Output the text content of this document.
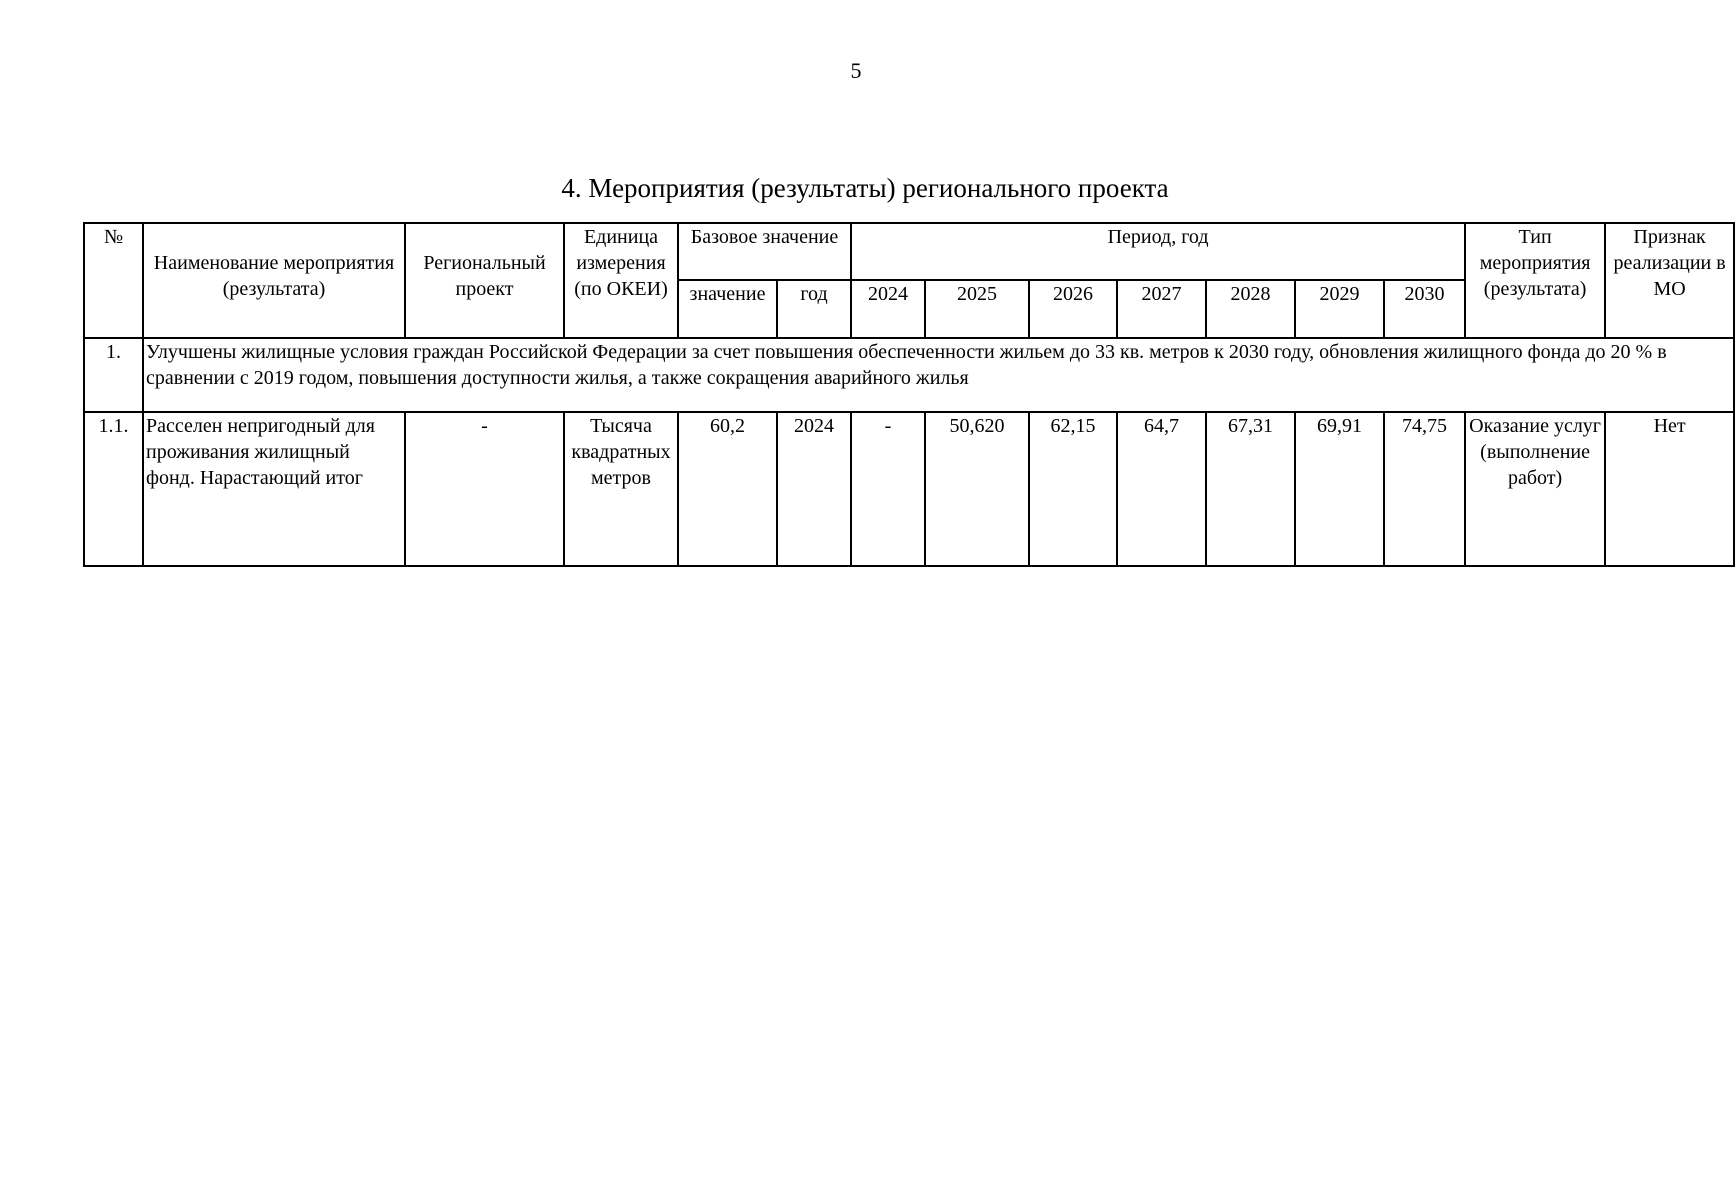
5
4. Мероприятия (результаты) регионального проекта
№	Наименование мероприятия (результата)	Региональный проект	Единица измерения (по ОКЕИ)	Базовое значение		Период, год							Тип мероприятия (результата)	Признак реализации в МО
				значение	год	2024	2025	2026	2027	2028	2029	2030		
1.	Улучшены жилищные условия граждан Российской Федерации за счет повышения обеспеченности жильем до 33 кв. метров к 2030 году, обновления жилищного фонда до 20 % в сравнении с 2019 годом, повышения доступности жилья, а также сокращения аварийного жилья													
1.1.	Расселен непригодный для проживания жилищный фонд. Нарастающий итог	-	Тысяча квадратных метров	60,2	2024	-	50,620	62,15	64,7	67,31	69,91	74,75	Оказание услуг (выполнение работ)	Нет
